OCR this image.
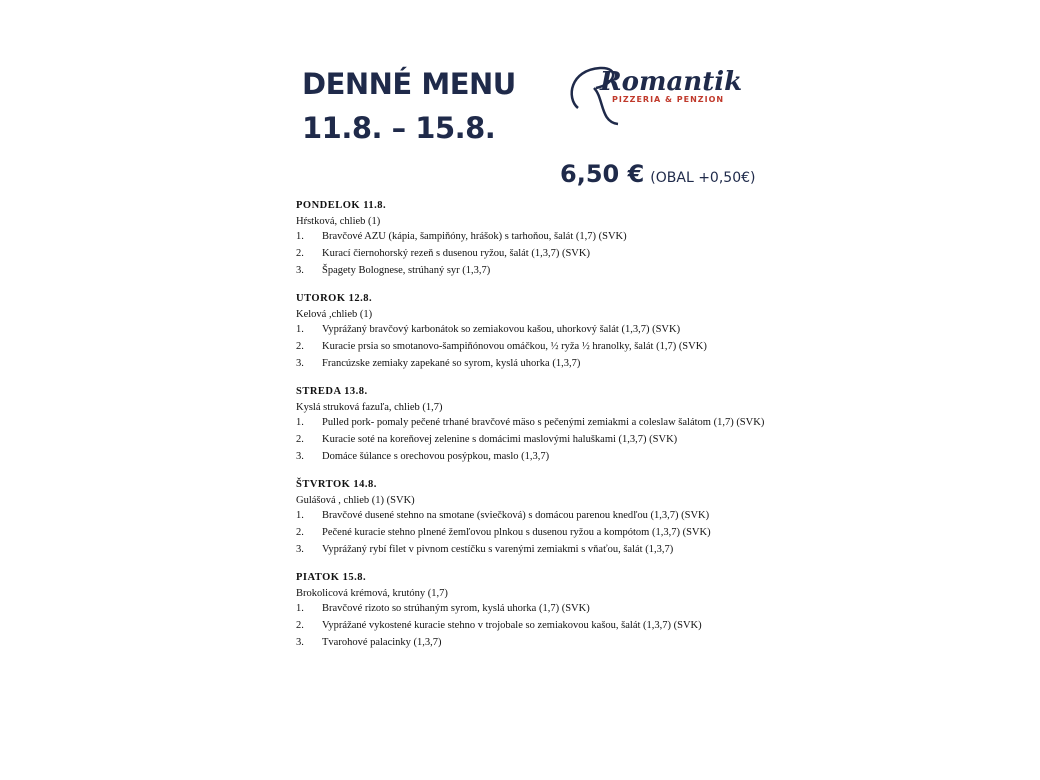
DENNÉ MENU
11.8. – 15.8.
Romantik
PIZZERIA & PENZION
6,50 € (OBAL +0,50€)
PONDELOK 11.8.
Hŕstková, chlieb (1)
1.	Bravčové AZU (kápia, šampiňóny, hrášok) s tarhoňou, šalát (1,7) (SVK)
2.	Kurací čiernohorský rezeň s dusenou ryžou, šalát (1,3,7) (SVK)
3.	Špagety Bolognese, strúhaný syr (1,3,7)
UTOROK 12.8.
Kelová ,chlieb (1)
1.	Vyprážaný bravčový karbonátok so zemiakovou kašou, uhorkový šalát (1,3,7) (SVK)
2.	Kuracie prsia so smotanovo-šampiňónovou omáčkou, ½ ryža ½ hranolky, šalát (1,7) (SVK)
3.	Francúzske zemiaky zapekané so syrom, kyslá uhorka (1,3,7)
STREDA 13.8.
Kyslá struková fazuľa, chlieb (1,7)
1.	Pulled pork- pomaly pečené trhané bravčové mäso s pečenými zemiakmi a coleslaw šalátom (1,7) (SVK)
2.	Kuracie soté na koreňovej zelenine s domácimi maslovými haluškami (1,3,7) (SVK)
3.	Domáce šúlance s orechovou posýpkou, maslo (1,3,7)
ŠTVRTOK 14.8.
Gulášová , chlieb (1) (SVK)
1.	Bravčové dusené stehno na smotane (sviečková) s domácou parenou knedľou (1,3,7) (SVK)
2.	Pečené kuracie stehno plnené žemľovou plnkou s dusenou ryžou a kompótom (1,3,7) (SVK)
3.	Vyprážaný rybí filet v pivnom cestíčku s varenými zemiakmi s vňaťou, šalát (1,3,7)
PIATOK 15.8.
Brokolicová krémová, krutóny (1,7)
1.	Bravčové rizoto so strúhaným syrom, kyslá uhorka (1,7) (SVK)
2.	Vyprážané vykostené kuracie stehno v trojobale so zemiakovou kašou, šalát (1,3,7) (SVK)
3.	Tvarohové palacinky (1,3,7)
